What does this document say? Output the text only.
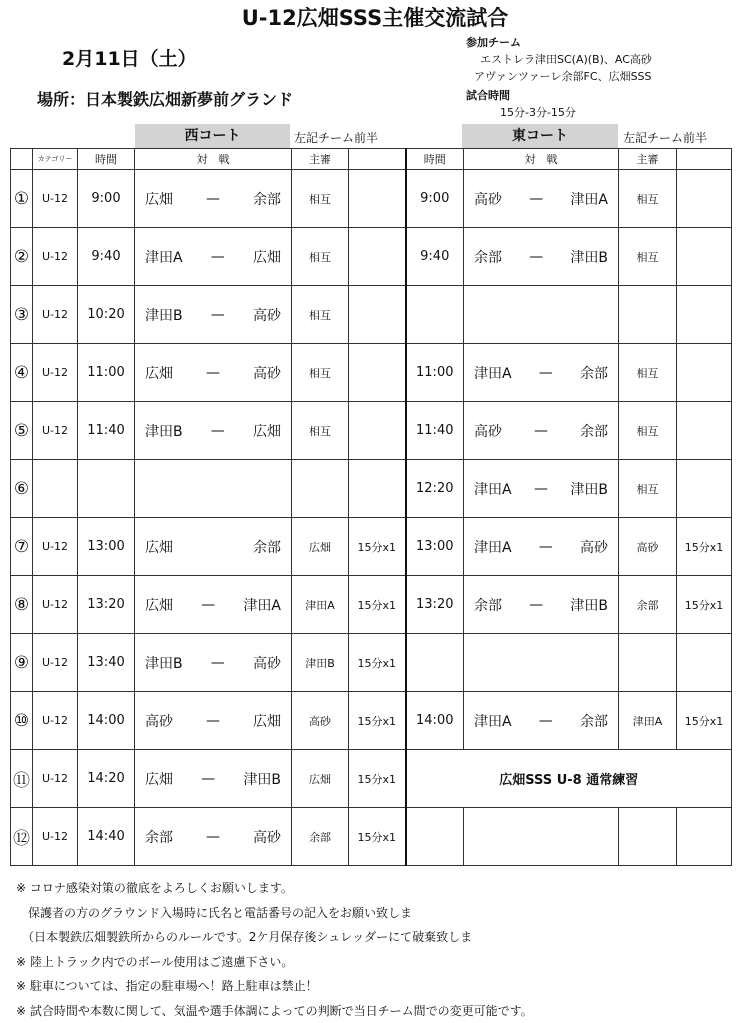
U-12広畑SSS主催交流試合
2月11日（土）
場所：日本製鉄広畑新夢前グランド
参加チーム
エストレラ津田SC(A)(B)、AC高砂
アヴァンツァーレ余部FC、広畑SSS
試合時間
15分-3分-15分
西コート	左記チーム前半	東コート	左記チーム前半
	カテゴリー	時間	対　戦	主審		時間	対　戦	主審	
①	U-12	9:00	広畑 — 余部	相互		9:00	高砂 — 津田A	相互	
②	U-12	9:40	津田A — 広畑	相互		9:40	余部 — 津田B	相互	
③	U-12	10:20	津田B — 高砂	相互			

④	U-12	11:00	広畑 — 高砂	相互		11:00	津田A — 余部	相互	
⑤	U-12	11:40	津田B — 広畑	相互		11:40	高砂 — 余部	相互	
⑥						12:20	津田A — 津田B	相互	
⑦	U-12	13:00	広畑 余部	広畑	15分x1	13:00	津田A — 高砂	高砂	15分x1
⑧	U-12	13:20	広畑 — 津田A	津田A	15分x1	13:20	余部 — 津田B	余部	15分x1
⑨	U-12	13:40	津田B — 高砂	津田B	15分x1		

⑩	U-12	14:00	高砂 — 広畑	高砂	15分x1	14:00	津田A — 余部	津田A	15分x1
⑪	U-12	14:20	広畑 — 津田B	広畑	15分x1	広畑SSS U-8 通常練習			
⑫	U-12	14:40	余部 — 高砂	余部	15分x1		

※ コロナ感染対策の徹底をよろしくお願いします。
　保護者の方のグラウンド入場時に氏名と電話番号の記入をお願い致しま
　（日本製鉄広畑製鉄所からのルールです。2ケ月保存後シュレッダーにて破棄致しま
※ 陸上トラック内でのボール使用はご遠慮下さい。
※ 駐車については、指定の駐車場へ！路上駐車は禁止！
※ 試合時間や本数に関して、気温や選手体調によっての判断で当日チーム間での変更可能です。
